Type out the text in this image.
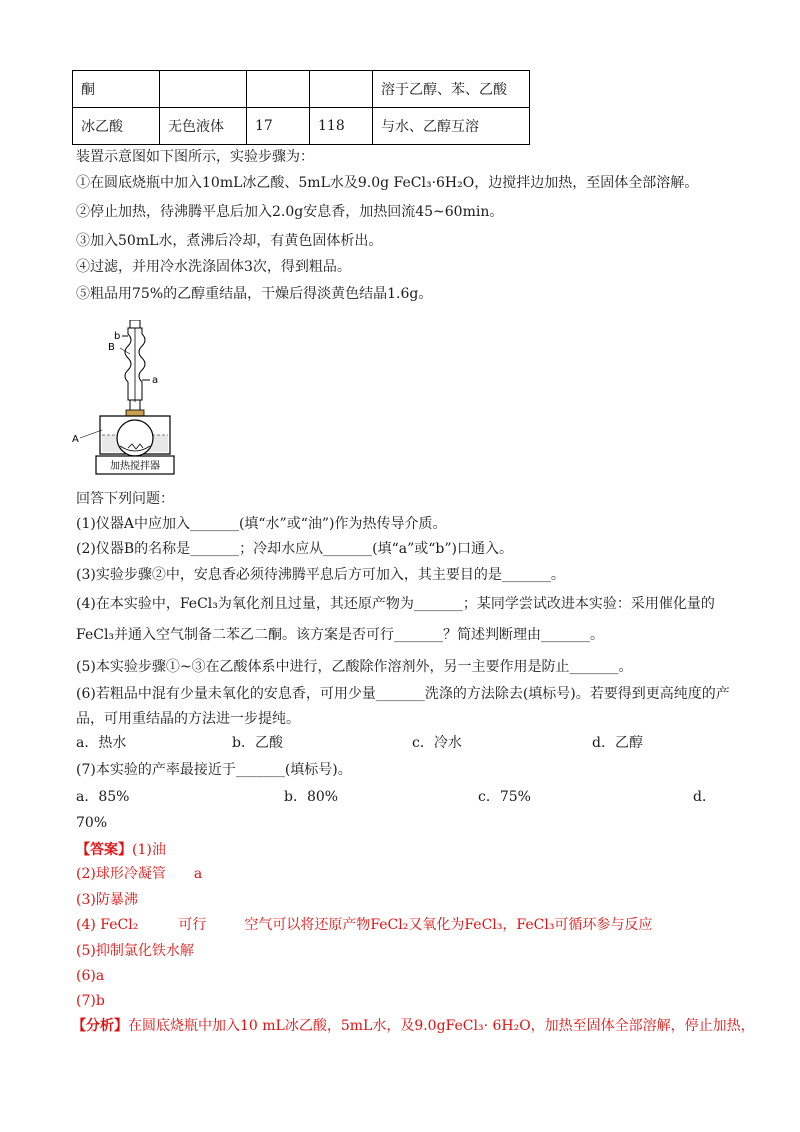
酮				溶于乙醇、苯、乙酸
冰乙酸	无色液体	17	118	与水、乙醇互溶
装置示意图如下图所示，实验步骤为：
①在圆底烧瓶中加入10mL冰乙酸、5mL水及9.0g FeCl₃·6H₂O，边搅拌边加热，至固体全部溶解。
②停止加热，待沸腾平息后加入2.0g安息香，加热回流45~60min。
③加入50mL水，煮沸后冷却，有黄色固体析出。
④过滤，并用冷水洗涤固体3次，得到粗品。
⑤粗品用75%的乙醇重结晶，干燥后得淡黄色结晶1.6g。
加热搅拌器
b
B
a
A
回答下列问题：
(1)仪器A中应加入_______(填“水”或“油”)作为热传导介质。
(2)仪器B的名称是_______；冷却水应从_______(填“a”或“b”)口通入。
(3)实验步骤②中，安息香必须待沸腾平息后方可加入，其主要目的是_______。
(4)在本实验中，FeCl₃为氧化剂且过量，其还原产物为_______；某同学尝试改进本实验：采用催化量的
FeCl₃并通入空气制备二苯乙二酮。该方案是否可行_______？简述判断理由_______。
(5)本实验步骤①~③在乙酸体系中进行，乙酸除作溶剂外，另一主要作用是防止_______。
(6)若粗品中混有少量未氧化的安息香，可用少量_______洗涤的方法除去(填标号)。若要得到更高纯度的产
品，可用重结晶的方法进一步提纯。
a．热水	b．乙酸	c．冷水	d．乙醇
(7)本实验的产率最接近于_______(填标号)。
a．85%	b．80%	c．75%	d．
70%
【答案】(1)油
(2)球形冷凝管 a
(3)防暴沸
(4) FeCl₂	可行	空气可以将还原产物FeCl₂又氧化为FeCl₃，FeCl₃可循环参与反应
(5)抑制氯化铁水解
(6)a
(7)b
【分析】在圆底烧瓶中加入10 mL冰乙酸，5mL水，及9.0gFeCl₃· 6H₂O，加热至固体全部溶解，停止加热，
